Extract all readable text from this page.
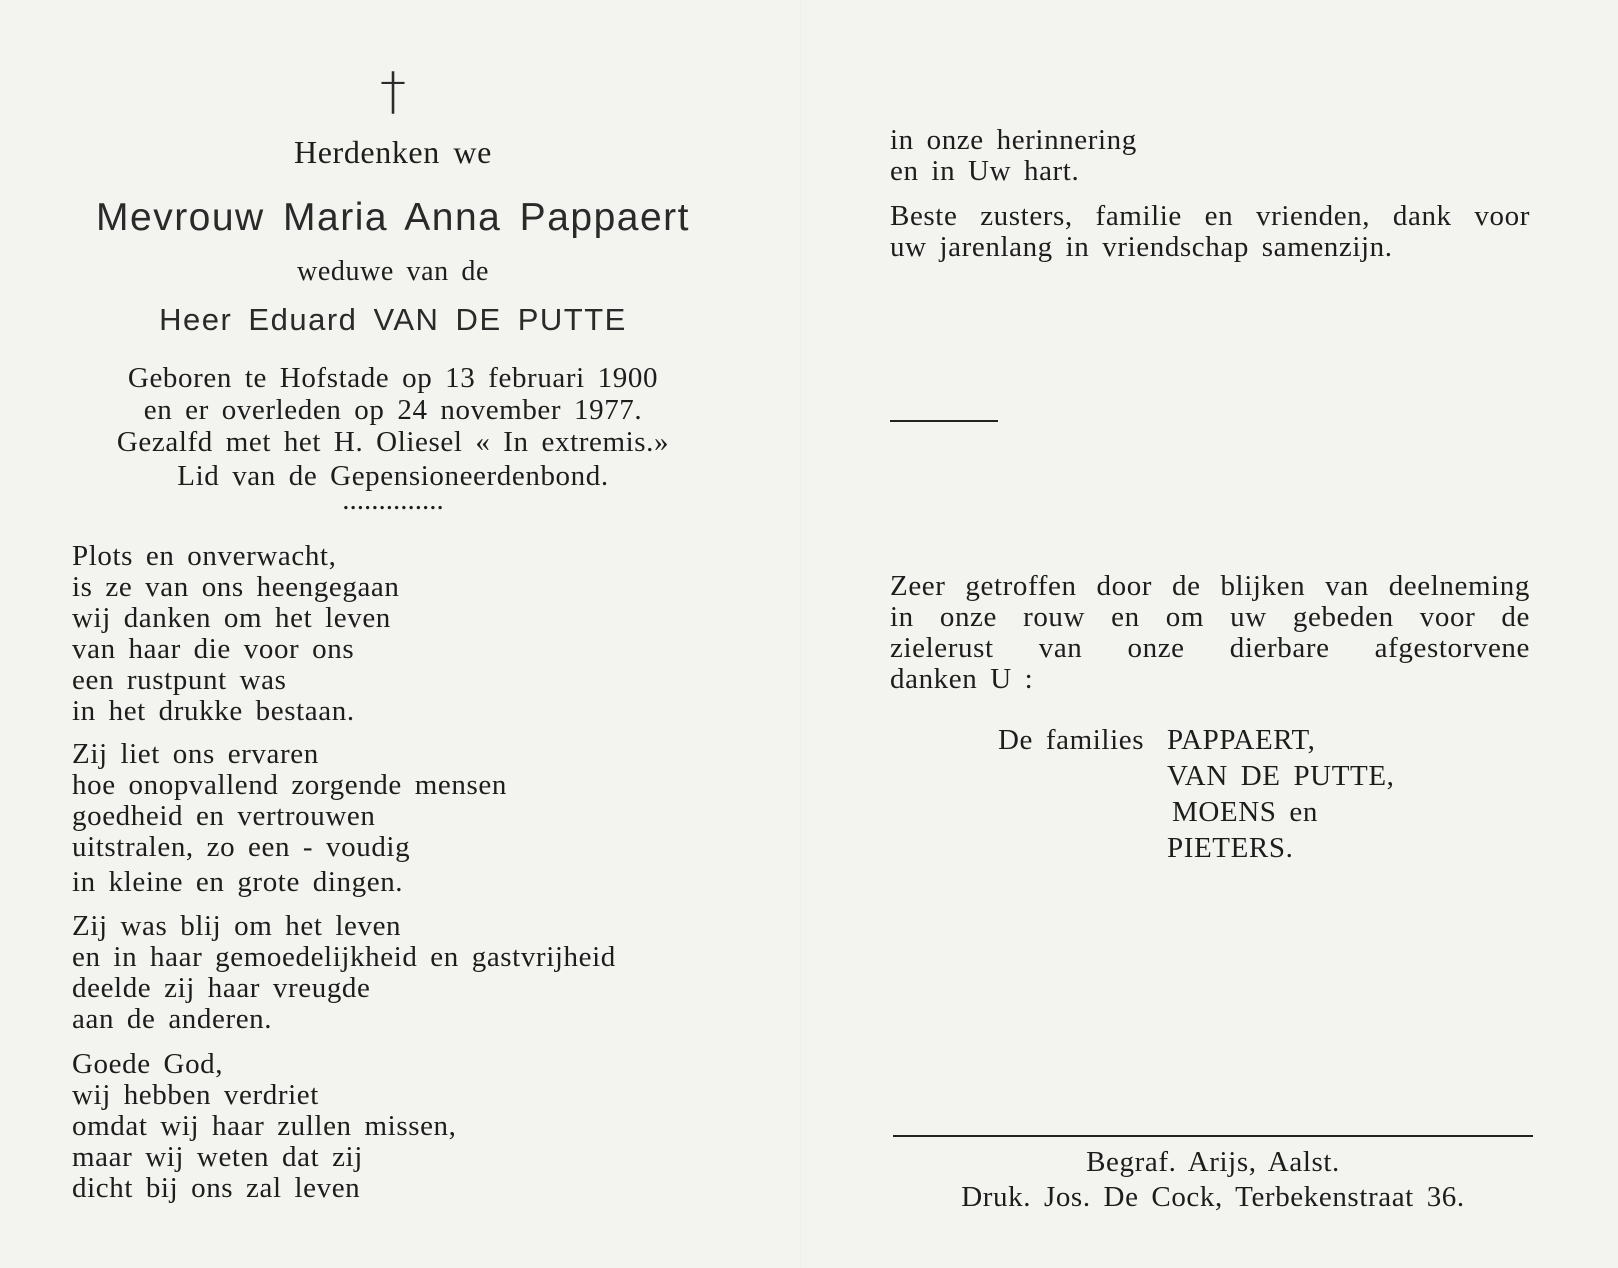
†
Herdenken we
Mevrouw Maria Anna Pappaert
weduwe van de
Heer Eduard VAN DE PUTTE
Geboren te Hofstade op 13 februari 1900
en er overleden op 24 november 1977.
Gezalfd met het H. Oliesel « In extremis.»
Lid van de Gepensioneerdenbond.
..............
Plots en onverwacht,
is ze van ons heengegaan
wij danken om het leven
van haar die voor ons
een rustpunt was
in het drukke bestaan.
Zij liet ons ervaren
hoe onopvallend zorgende mensen
goedheid en vertrouwen
uitstralen, zo een - voudig
in kleine en grote dingen.
Zij was blij om het leven
en in haar gemoedelijkheid en gastvrijheid
deelde zij haar vreugde
aan de anderen.
Goede God,
wij hebben verdriet
omdat wij haar zullen missen,
maar wij weten dat zij
dicht bij ons zal leven
in onze herinnering
en in Uw hart.
Beste zusters, familie en vrienden, dank voor
uw jarenlang in vriendschap samenzijn.
Zeer getroffen door de blijken van deelneming
in onze rouw en om uw gebeden voor de
zielerust van onze dierbare afgestorvene
danken U :
De families PAPPAERT,
VAN DE PUTTE,
MOENS en
PIETERS.
Begraf. Arijs, Aalst.
Druk. Jos. De Cock, Terbekenstraat 36.
